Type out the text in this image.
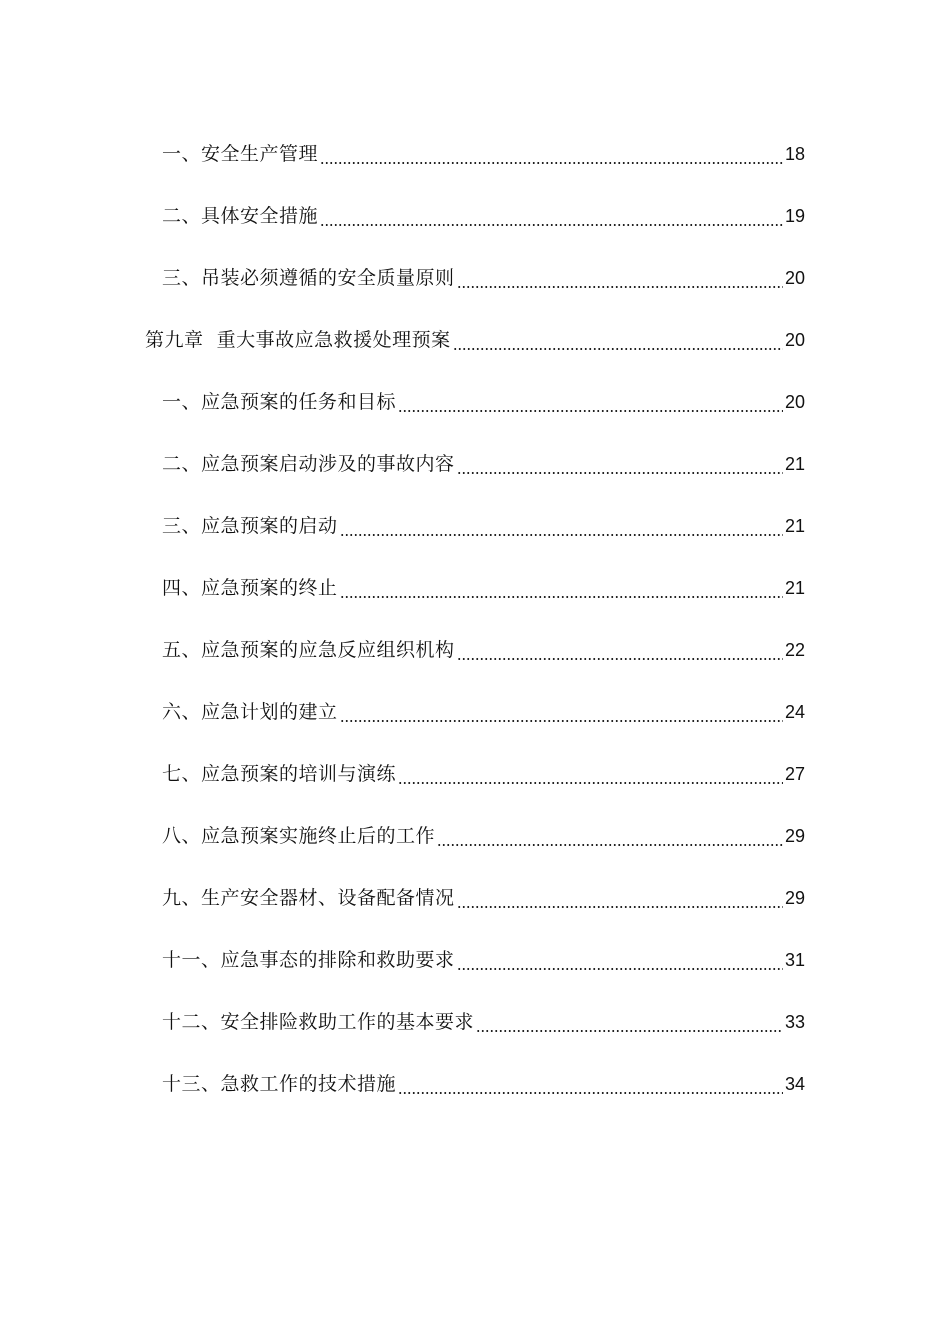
一、安全生产管理	18
二、具体安全措施	19
三、吊装必须遵循的安全质量原则	20
第九章  重大事故应急救援处理预案	20
一、应急预案的任务和目标	20
二、应急预案启动涉及的事故内容	21
三、应急预案的启动	21
四、应急预案的终止	21
五、应急预案的应急反应组织机构	22
六、应急计划的建立	24
七、应急预案的培训与演练	27
八、应急预案实施终止后的工作	29
九、生产安全器材、设备配备情况	29
十一、应急事态的排除和救助要求	31
十二、安全排险救助工作的基本要求	33
十三、急救工作的技术措施	34
